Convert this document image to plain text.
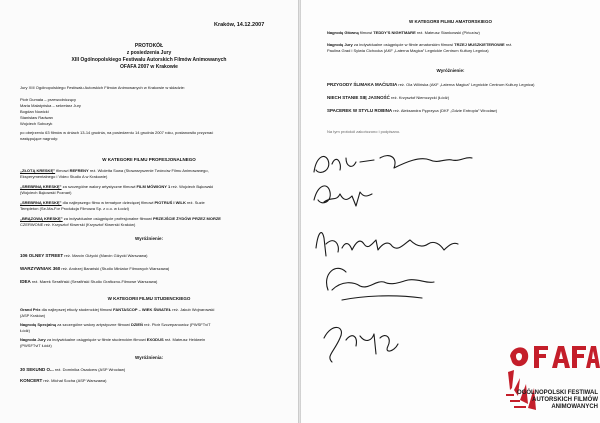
Kraków, 14.12.2007
PROTOKÓŁ
z posiedzenia Jury
XIII Ogólnopolskiego Festiwalu Autorskich Filmów Animowanych
OFAFA 2007 w Krakowie
Jury XIII Ogólnopolskiego Festiwalu Autorskich Filmów Animowanych w Krakowie w składzie:
Piotr Dumała – przewodniczący
Maria Malatyńska – sekretarz Jury
Bogdan Nowicki
Stanisław Radwan
Wojciech Sobczyk
po obejrzeniu 63 filmów w dniach 13-14 grudnia, na posiedzeniu 14 grudnia 2007 roku, postanowiło przyznać
następujące nagrody:
W KATEGORII FILMU PROFESJONALNEGO
„ZŁOTĄ KRESKĘ” filmowi REFRENY reż. Wioletta Sowa (Stowarzyszenie Twórców Filmu Animowanego,
Eksperymentalnego i Video Studio A w Krakowie)
„SREBRNĄ KRESKĘ” za szczególne walory artystyczne filmowi FILM MÓWIONY 1 reż. Wojciech Bąkowski
(Wojciech Bąkowski Poznań)
„SREBRNĄ KRESKĘ” dla najlepszego filmu w tematyce dziecięcej filmowi PIOTRUŚ I WILK reż. Suzie
Templeton (Se-Ma-For Produkcja Filmowa Sp. z o.o. w Łodzi)
„BRĄZOWĄ KRESKĘ” za indywidualne osiągnięcie profesjonalne filmowi PRZEJŚCIE ŻYDÓW PRZEZ MORZE
CZERWONE reż. Krzysztof Kiwerski (Krzysztof Kiwerski Kraków)
Wyróżnienie:
106 OLNEY STREET reż. Marcin Giżycki (Marcin Giżycki Warszawa)
WARZYWNIAK 360 reż. Andrzej Barański (Studio Miniatur Filmowych Warszawa)
IDEA reż. Marek Serafiński (Serafiński Studio Graficzno-Filmowe Warszawa)
W KATEGORII FILMU STUDENCKIEGO
Grand Prix dla najlepszej etiudy studenckiej filmowi FANTASCOP – WIEK ŚWIATEŁ reż. Jakub Wojnarowski
(ASP Kraków)
Nagrodę Specjalną za szczególne walory artystyczne filmowi DZIEŃ reż. Piotr Szczepanowicz (PWSFTviT
Łódź)
Nagroda Jury za indywidualne osiągnięcie w filmie studenckim filmowi EXODUS reż. Mateusz Heldwein
(PWSFTviT Łódź)
Wyróżnienia:
30 SEKUND O... reż. Dominika Osadcew (ASP Wrocław)
KONCERT reż. Michał Socha (ASP Warszawa)
W KATEGORII FILMU AMATORSKIEGO
Nagrodę Główną filmowi TEDDY'S NIGHTMARE reż. Mateusz Stankowski (Pińczów)
Nagrodę Jury za indywidualne osiągnięcie w filmie amatorskim filmowi TRZEJ MUSZKIETEROWIE reż.
Paulina Grad i Sylwia Cichocka (AKF „Laterna Magica” Legnickie Centrum Kultury Legnica)
Wyróżnienie:
PRZYGODY ŚLIMAKA MAĆIUSIA reż. Ola Wilińska (AKF „Laterna Magica” Legnickie Centrum Kultury Legnica)
NIECH STANIE SIĘ JASNOŚĆ reż. Krzysztof Niemczycki (Łódź)
SPACEREK W STYLU ROBINA reż. Aleksandra Pęprzyca (DKF „Gdzie Entropia” Wrocław)
Na tym protokół zakończono i podpisano.
OGÓLNOPOLSKI FESTIWAL
AUTORSKICH FILMÓW
ANIMOWANYCH
